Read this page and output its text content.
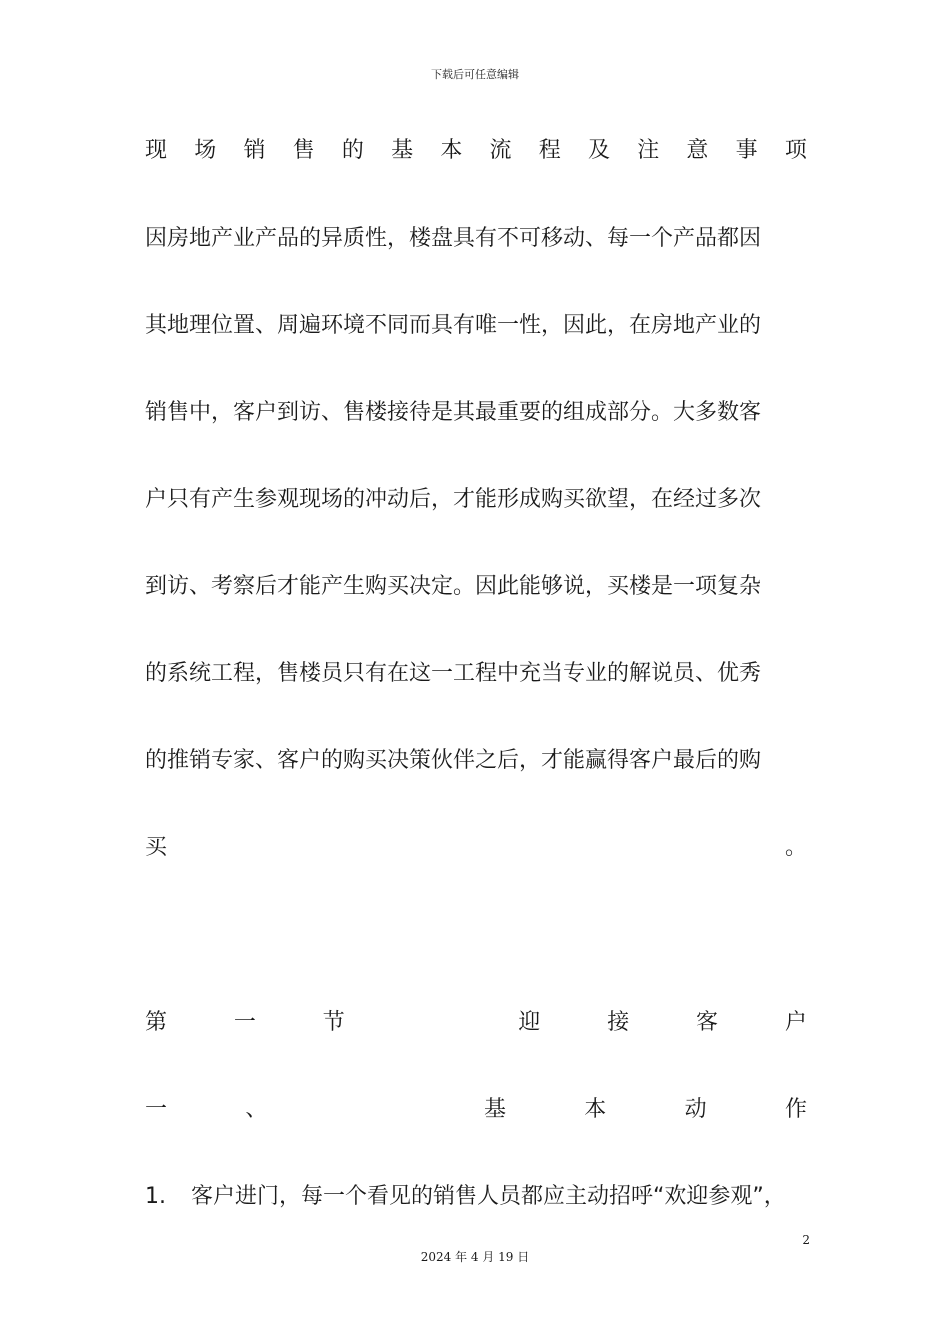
下载后可任意编辑
现 场 销 售 的 基 本 流 程 及 注 意 事 项
因房地产业产品的异质性，楼盘具有不可移动、每一个产品都因
其地理位置、周遍环境不同而具有唯一性，因此，在房地产业的
销售中，客户到访、售楼接待是其最重要的组成部分。大多数客
户只有产生参观现场的冲动后，才能形成购买欲望，在经过多次
到访、考察后才能产生购买决定。因此能够说，买楼是一项复杂
的系统工程，售楼员只有在这一工程中充当专业的解说员、优秀
的推销专家、客户的购买决策伙伴之后，才能赢得客户最后的购
买	。
第	一	节	迎	接	客	户
一	、	基	本	动	作
1. 客户进门，每一个看见的销售人员都应主动招呼“欢迎参观”，
2
2024 年 4 月 19 日
